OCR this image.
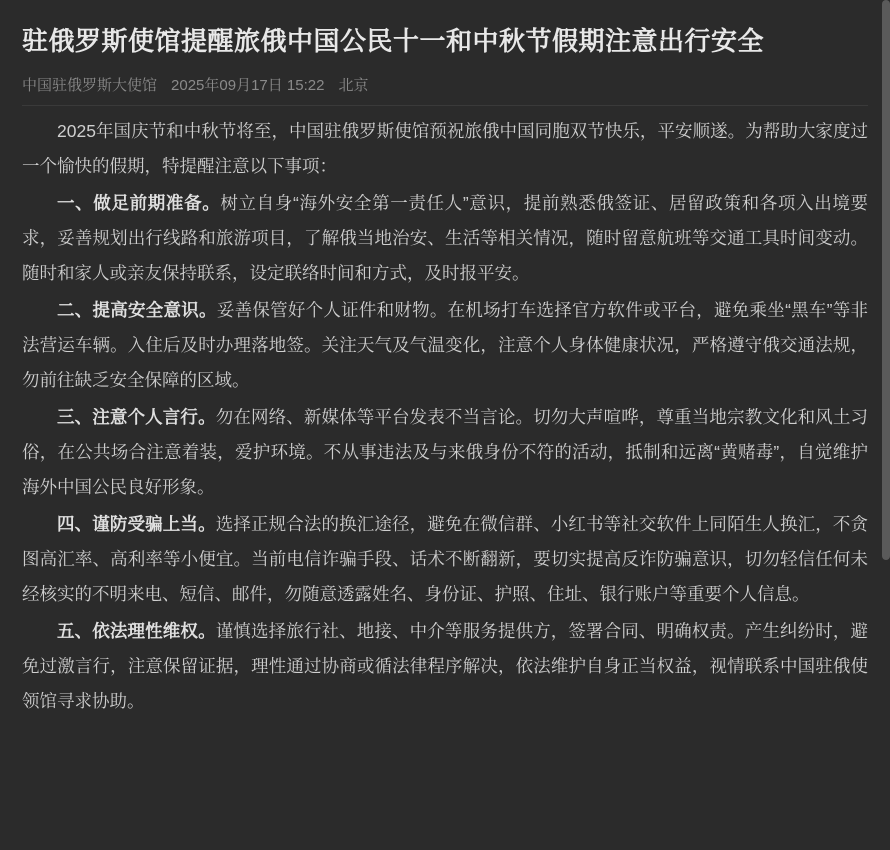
驻俄罗斯使馆提醒旅俄中国公民十一和中秋节假期注意出行安全
中国驻俄罗斯大使馆 2025年09月17日 15:22 北京

2025年国庆节和中秋节将至，中国驻俄罗斯使馆预祝旅俄中国同胞双节快乐，平安顺遂。为帮助大家度过一个愉快的假期，特提醒注意以下事项：

一、做足前期准备。树立自身“海外安全第一责任人”意识，提前熟悉俄签证、居留政策和各项入出境要求，妥善规划出行线路和旅游项目，了解俄当地治安、生活等相关情况，随时留意航班等交通工具时间变动。随时和家人或亲友保持联系，设定联络时间和方式，及时报平安。

二、提高安全意识。妥善保管好个人证件和财物。在机场打车选择官方软件或平台，避免乘坐“黑车”等非法营运车辆。入住后及时办理落地签。关注天气及气温变化，注意个人身体健康状况，严格遵守俄交通法规，勿前往缺乏安全保障的区域。

三、注意个人言行。勿在网络、新媒体等平台发表不当言论。切勿大声喧哗，尊重当地宗教文化和风土习俗，在公共场合注意着装，爱护环境。不从事违法及与来俄身份不符的活动，抵制和远离“黄赌毒”，自觉维护海外中国公民良好形象。

四、谨防受骗上当。选择正规合法的换汇途径，避免在微信群、小红书等社交软件上同陌生人换汇，不贪图高汇率、高利率等小便宜。当前电信诈骗手段、话术不断翻新，要切实提高反诈防骗意识，切勿轻信任何未经核实的不明来电、短信、邮件，勿随意透露姓名、身份证、护照、住址、银行账户等重要个人信息。

五、依法理性维权。谨慎选择旅行社、地接、中介等服务提供方，签署合同、明确权责。产生纠纷时，避免过激言行，注意保留证据，理性通过协商或循法律程序解决，依法维护自身正当权益，视情联系中国驻俄使领馆寻求协助。
